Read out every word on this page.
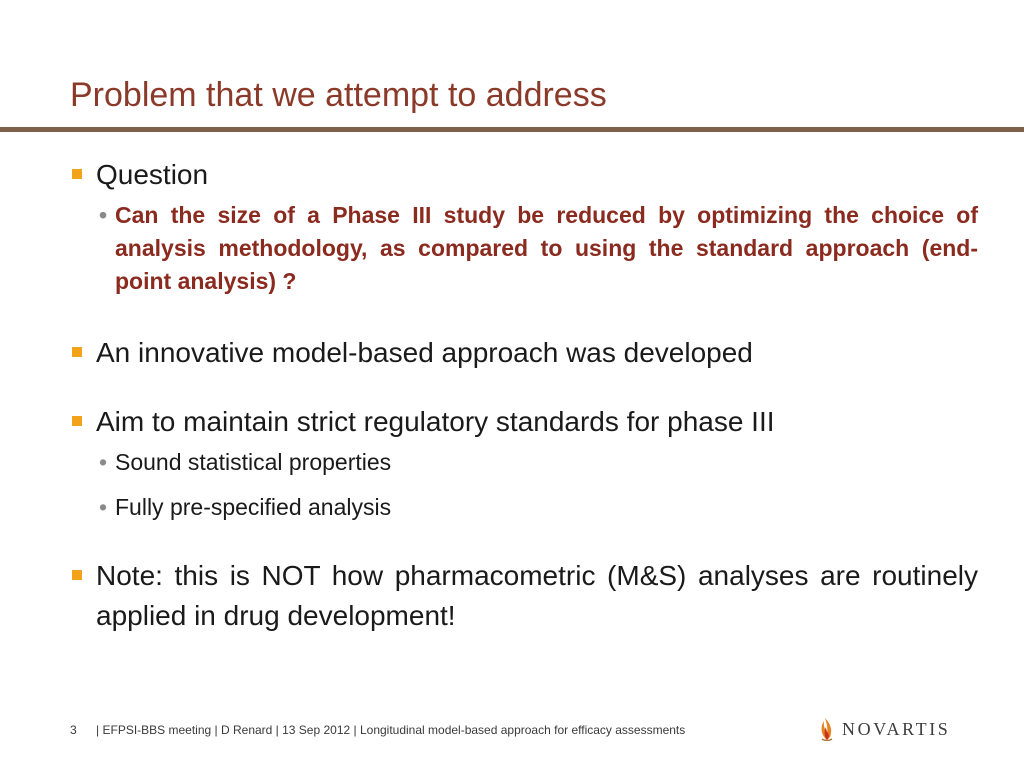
Problem that we attempt to address
Question
• Can the size of a Phase III study be reduced by optimizing the choice of analysis methodology, as compared to using the standard approach (end-point analysis) ?
An innovative model-based approach was developed
Aim to maintain strict regulatory standards for phase III
• Sound statistical properties
• Fully pre-specified analysis
Note: this is NOT how pharmacometric (M&S) analyses are routinely applied in drug development!
3 | EFPSI-BBS meeting | D Renard | 13 Sep 2012 | Longitudinal model-based approach for efficacy assessments	NOVARTIS
